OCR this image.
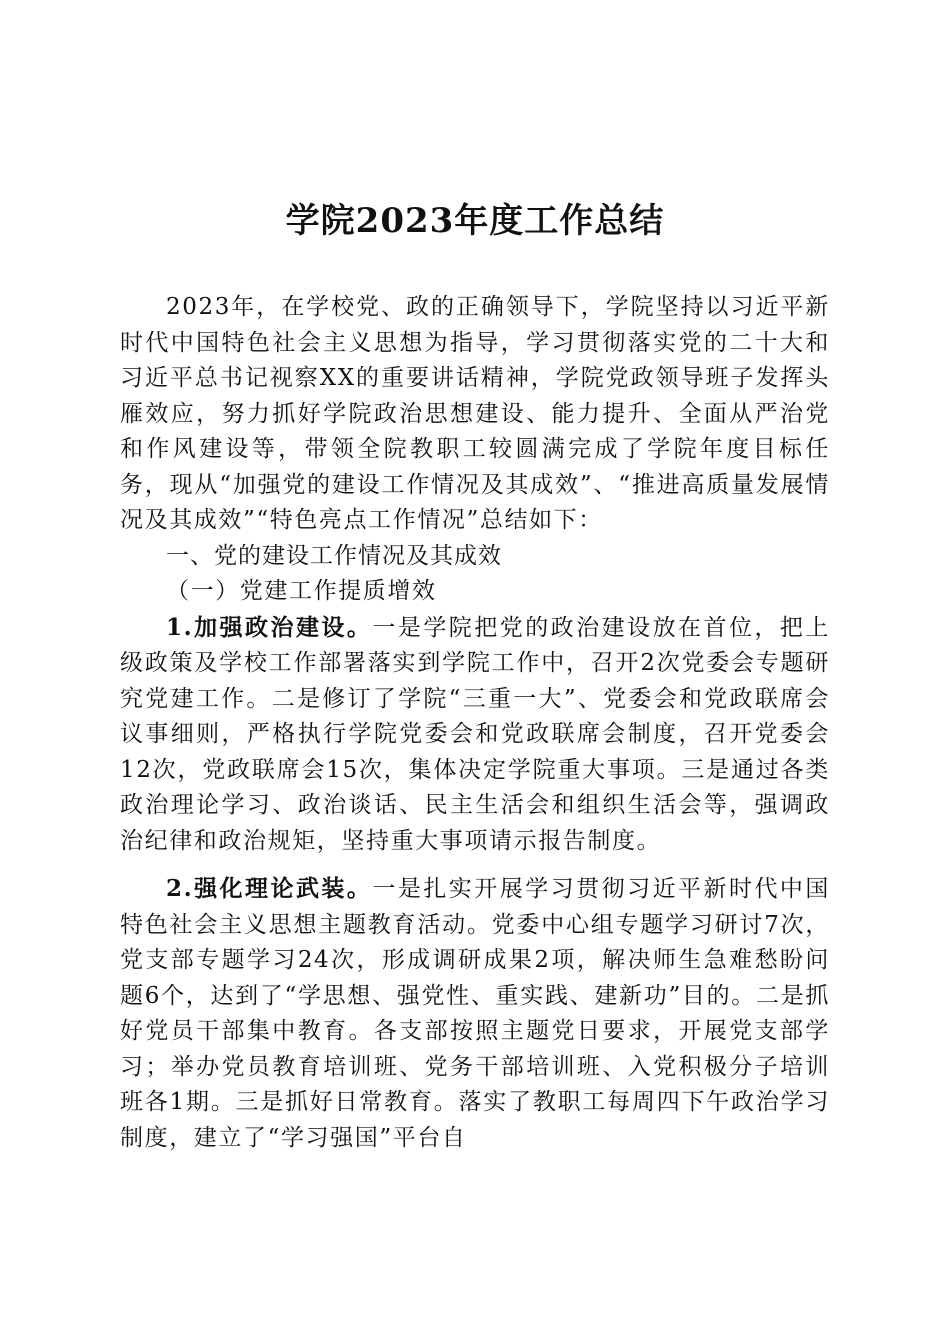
学院2023年度工作总结

2023年，在学校党、政的正确领导下，学院坚持以习近平新时代中国特色社会主义思想为指导，学习贯彻落实党的二十大和习近平总书记视察XX的重要讲话精神，学院党政领导班子发挥头雁效应，努力抓好学院政治思想建设、能力提升、全面从严治党和作风建设等，带领全院教职工较圆满完成了学院年度目标任务，现从“加强党的建设工作情况及其成效”、“推进高质量发展情况及其成效”“特色亮点工作情况”总结如下：

一、党的建设工作情况及其成效

（一）党建工作提质增效

1.加强政治建设。一是学院把党的政治建设放在首位，把上级政策及学校工作部署落实到学院工作中，召开2次党委会专题研究党建工作。二是修订了学院“三重一大”、党委会和党政联席会议事细则，严格执行学院党委会和党政联席会制度，召开党委会12次，党政联席会15次，集体决定学院重大事项。三是通过各类政治理论学习、政治谈话、民主生活会和组织生活会等，强调政治纪律和政治规矩，坚持重大事项请示报告制度。

2.强化理论武装。一是扎实开展学习贯彻习近平新时代中国特色社会主义思想主题教育活动。党委中心组专题学习研讨7次，党支部专题学习24次，形成调研成果2项，解决师生急难愁盼问题6个，达到了“学思想、强党性、重实践、建新功”目的。二是抓好党员干部集中教育。各支部按照主题党日要求，开展党支部学习；举办党员教育培训班、党务干部培训班、入党积极分子培训班各1期。三是抓好日常教育。落实了教职工每周四下午政治学习制度，建立了“学习强国”平台自
